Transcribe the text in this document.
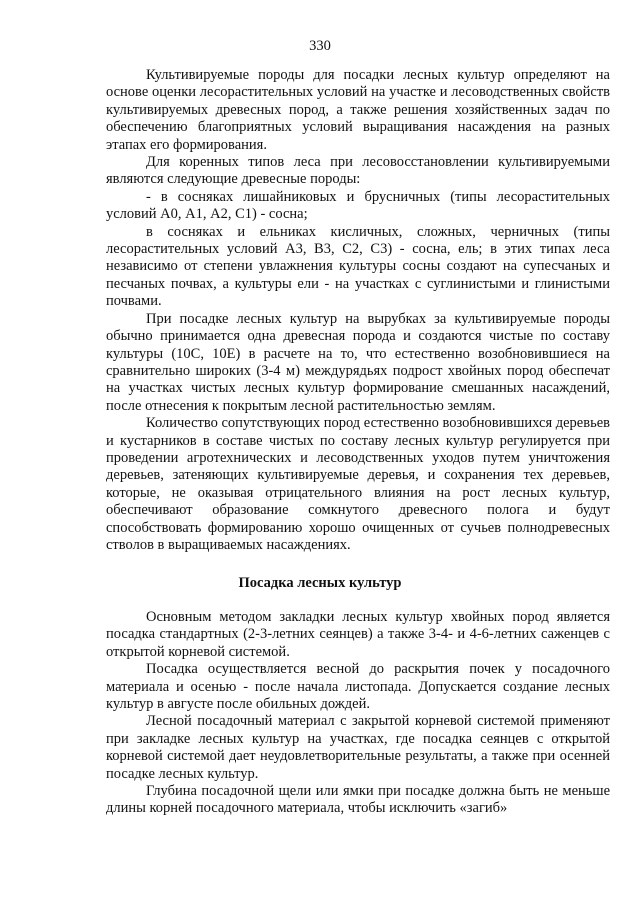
330

Культивируемые породы для посадки лесных культур определяют на основе оценки лесорастительных условий на участке и лесоводственных свойств культивируемых древесных пород, а также решения хозяйственных задач по обеспечению благоприятных условий выращивания насаждения на разных этапах его формирования.

Для коренных типов леса при лесовосстановлении культивируемыми являются следующие древесные породы:

- в сосняках лишайниковых и брусничных (типы лесорастительных условий А0, А1, А2, С1) - сосна;

в сосняках и ельниках кисличных, сложных, черничных (типы лесорастительных условий А3, В3, С2, С3) - сосна, ель; в этих типах леса независимо от степени увлажнения культуры сосны создают на супесчаных и песчаных почвах, а культуры ели - на участках с суглинистыми и глинистыми почвами.

При посадке лесных культур на вырубках за культивируемые породы обычно принимается одна древесная порода и создаются чистые по составу культуры (10С, 10Е) в расчете на то, что естественно возобновившиеся на сравнительно широких (3-4 м) междурядьях подрост хвойных пород обеспечат на участках чистых лесных культур формирование смешанных насаждений, после отнесения к покрытым лесной растительностью землям.

Количество сопутствующих пород естественно возобновившихся деревьев и кустарников в составе чистых по составу лесных культур регулируется при проведении агротехнических и лесоводственных уходов путем уничтожения деревьев, затеняющих культивируемые деревья, и сохранения тех деревьев, которые, не оказывая отрицательного влияния на рост лесных культур, обеспечивают образование сомкнутого древесного полога и будут способствовать формированию хорошо очищенных от сучьев полнодревесных стволов в выращиваемых насаждениях.

Посадка лесных культур

Основным методом закладки лесных культур хвойных пород является посадка стандартных (2-3-летних сеянцев) а также 3-4- и 4-6-летних саженцев с открытой корневой системой.

Посадка осуществляется весной до раскрытия почек у посадочного материала и осенью - после начала листопада. Допускается создание лесных культур в августе после обильных дождей.

Лесной посадочный материал с закрытой корневой системой применяют при закладке лесных культур на участках, где посадка сеянцев с открытой корневой системой дает неудовлетворительные результаты, а также при осенней посадке лесных культур.

Глубина посадочной щели или ямки при посадке должна быть не меньше длины корней посадочного материала, чтобы исключить «загиб»
